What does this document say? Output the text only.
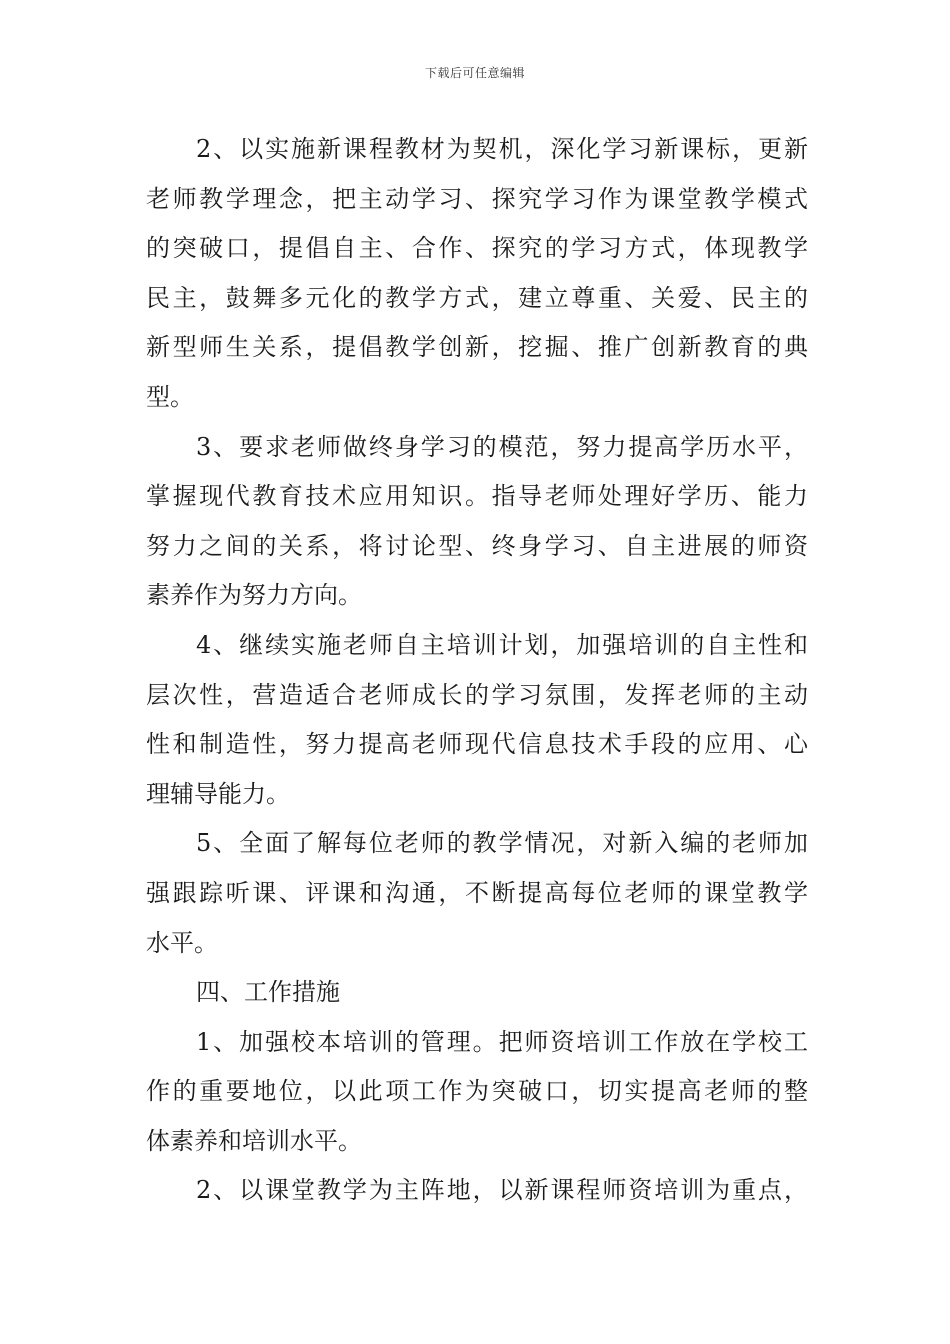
下载后可任意编辑
2、以实施新课程教材为契机，深化学习新课标，更新
老师教学理念，把主动学习、探究学习作为课堂教学模式
的突破口，提倡自主、合作、探究的学习方式，体现教学
民主，鼓舞多元化的教学方式，建立尊重、关爱、民主的
新型师生关系，提倡教学创新，挖掘、推广创新教育的典
型。
3、要求老师做终身学习的模范，努力提高学历水平，
掌握现代教育技术应用知识。指导老师处理好学历、能力
努力之间的关系，将讨论型、终身学习、自主进展的师资
素养作为努力方向。
4、继续实施老师自主培训计划，加强培训的自主性和
层次性，营造适合老师成长的学习氛围，发挥老师的主动
性和制造性，努力提高老师现代信息技术手段的应用、心
理辅导能力。
5、全面了解每位老师的教学情况，对新入编的老师加
强跟踪听课、评课和沟通，不断提高每位老师的课堂教学
水平。
四、工作措施
1、加强校本培训的管理。把师资培训工作放在学校工
作的重要地位，以此项工作为突破口，切实提高老师的整
体素养和培训水平。
2、以课堂教学为主阵地，以新课程师资培训为重点，
